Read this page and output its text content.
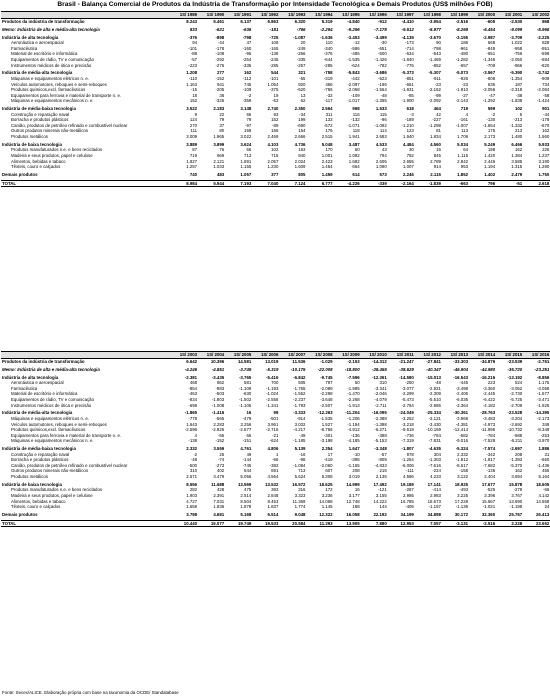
Brasil - Balança Comercial de Produtos da Indústria de Transformação por Intensidade Tecnológica e Demais Produtos (US$ milhões FOB)
	1S/ 1989	1S/ 1990	1S/ 1991	1S/ 1992	1S/ 1993	1S/ 1994	1S/ 1995	1S/ 1996	1S/ 1997	1S/ 1998	1S/ 1999	1S/ 2000	1S/ 2001	1S/ 2002
Produtos da indústria de transformação	8.243	5.461	6.137	6.863	6.320	5.319	-4.840	-912	-4.410	-3.954	-2.516	-605	-2.530	868

Memo: Indústria de alta e média-alta tecnologia	833	-621	-636	-181	-766	-2.294	-9.296	-7.178	-9.512	-8.977	-8.268	-6.454	-9.099	-5.966

Indústria de alta tecnologia	-376	-898	-798	-725	-1.087	-1.636	-3.453	-3.499	-4.139	-3.670	-3.195	-2.987	-3.709	-2.225
Aeronáutica e aeroespacial	94	-44	47	108	20	110	-12	-30	-173	90	186	668	1.022	828
Farmacêutica	-101	-178	-160	-165	-249	-340	-596	-651	-714	-798	-961	-849	-958	-951
Material de escritório e informática	-88	-108	-95	-138	-266	-376	-485	-500	-634	-543	-480	-651	-756	-598
Equipamentos de rádio, TV e comunicação	-57	-292	-254	-245	-335	-644	-1.535	-1.426	-1.840	-1.469	-1.282	-1.346	-2.050	-684
Instrumentos médicos de ótica e precisão	-223	-276	-335	-285	-257	-285	-624	-782	-776	-852	-657	-709	-966	-820

Indústria de média-alta tecnologia	1.208	277	162	544	321	-758	-5.843	-3.686	-5.373	-5.307	-5.073	-3.567	-5.390	-3.742
Máquinas e equipamentos elétricos n. e.	-110	-152	-112	-101	-55	-319	-442	-523	-851	-911	-926	-808	-1.354	-909
Veículos automotores, reboques e semi-reboques	1.163	941	745	1.054	920	466	-2.097	-196	-661	-23	-23	636	187	734
Produtos químicos,excl. farmacêuticos	-15	-205	-109	-375	-620	-756	-2.068	-1.564	-1.931	-2.162	-1.910	-2.056	-2.318	-2.084
Equipamentos para ferrovia e material de transporte n. e.	18	36	-2	19	13	-32	-109	-48	-85	-99	-27	-47	-38	-58
Máquinas e equipamentos mecânicos n. e.	152	-326	-359	-53	62	-117	-1.017	-1.355	-1.900	-2.092	-2.143	-1.292	-1.838	-1.424

Indústria de média-baixa tecnologia	3.522	2.183	3.148	2.740	2.350	2.564	968	1.533	618	464	719	599	102	901
Construção e reparação naval	9	22	65	93	-34	311	116	115	-3	42	4	-2	5	-44
Borracha e produtos plásticos	124	79	79	152	199	133	-132	-96	-189	-227	-161	-130	-213	-178
Canião, produtos de petróleo refinado e combustível nuclear	270	37	-97	-89	-690	-572	-1.071	-1.092	-1.210	-1.298	-1.007	-1.654	-1.332	-670
Outros produtos minerais não-metálicos	111	80	158	156	154	176	118	114	123	81	113	175	213	162
Produtos metálicos	3.009	1.965	3.022	2.469	2.666	2.515	1.941	2.683	1.940	1.834	1.709	2.173	1.480	1.560

Indústria de baixa tecnologia	3.889	3.899	3.624	4.103	4.736	5.048	3.487	4.533	4.484	4.560	5.034	5.249	6.466	5.933
Produtos manufaturados n.e. e bens reciclados	87	76	66	102	163	170	60	43	30	15	64	198	162	226
Madeira e seus produtos, papel e celulose	719	669	713	715	940	1.001	1.082	794	792	845	1.115	1.420	1.384	1.237
Alimentos, bebidas e tabaco	1.827	2.121	1.691	2.057	2.024	2.423	1.682	2.605	2.655	2.789	2.842	2.446	3.585	3.190
Têxteis, couro e calçados	1.257	1.033	1.155	1.230	1.609	1.454	664	1.090	1.007	914	953	1.194	1.315	1.280

Demais produtos	740	483	1.057	377	805	1.459	614	573	2.246	2.115	1.852	1.402	2.479	1.750

TOTAL	8.984	5.944	7.193	7.040	7.124	6.777	-4.226	-339	-2.164	-1.839	-663	796	-51	2.618
	1S/ 2003	1S/ 2004	1S/ 2005	1S/ 2006	1S/ 2007	1S/ 2008	1S/ 2009	1S/ 2010	1S/ 2011	1S/ 2012	1S/ 2013	1S/ 2014	1S/ 2015	1S/ 2016
Produtos da indústria de transformação	6.642	10.396	14.581	13.019	11.536	-1.029	-2.153	-14.312	-21.247	-27.841	-33.303	-34.876	-23.539	-2.761

Memo: Indústria de alta e média-alta tecnologia	-4.246	-4.851	-3.749	-5.319	-10.175	-22.008	-18.800	-28.456	-38.629	-40.347	-46.904	-44.980	-36.720	-23.251

Indústria de alta tecnologia	-2.381	-3.435	-3.765	-5.416	-6.842	-9.745	-7.596	-12.361	-14.580	-15.013	-16.543	-16.216	-13.192	-8.856
Aeronáutica e aeroespacial	468	862	581	700	505	797	50	310	-250	-48	-445	223	524	1.175
Farmacêutica	-854	-983	-1.108	-1.193	-1.765	-2.089	-1.995	-3.341	-3.077	-2.921	-3.498	-3.360	-3.052	-3.058
Material de escritório e informática	-463	-503	-630	-1.024	-1.552	-2.298	-1.470	-2.046	-2.299	-2.309	-2.406	-2.445	-2.730	-1.577
Equipamentos de rádio, TV e comunicação	-834	-1.803	-1.502	-2.558	-2.237	-3.648	-2.268	-4.079	-5.473	-5.510	-6.035	-6.422	-5.725	-3.471
Instrumentos médicos de ótica e precisão	-698	-1.008	-1.105	-1.341	-1.793	-2.507	-1.913	-2.711	-2.784	-2.986	-3.364	-4.182	-2.709	-1.925

Indústria de média-alta tecnologia	-1.865	-1.416	16	98	-3.333	-12.263	-11.204	-16.095	-24.049	-25.334	-30.361	-28.763	-23.528	-14.395
Máquinas e equipamentos elétricos n. e.	-778	-565	-479	-501	-914	-1.535	-1.206	-2.388	-3.252	-3.121	-3.968	-3.483	-3.204	-2.173
Veículos automotores, reboques e semi-reboques	1.643	2.283	3.256	3.961	3.032	1.527	-1.194	-1.398	-3.218	-3.430	-4.381	-4.973	-2.692	349
Produtos químicos,excl. farmacêuticos	-2.596	-2.926	-2.677	-2.716	-4.217	-8.766	-4.912	-6.271	-9.619	-10.169	-12.414	-11.995	-10.732	-8.349
Equipamentos para ferrovia e material de transporte n. e.	4	-55	66	-21	-49	-301	-136	-388	-736	-784	-582	-784	-688	-253
Máquinas e equipamentos mecânicos n. e.	-138	-152	-151	-624	-1.185	-3.198	-4.185	-5.153	-7.319	-7.831	-9.016	-7.528	-6.211	-3.970

Indústria de média-baixa tecnologia	2.332	3.559	4.761	4.806	5.139	2.354	1.647	-3.348	-1.807	-4.635	-5.324	-7.574	-2.697	1.886
Construção e reparação naval	-2	25	49	1	-16	17	-10	-57	978	304	2.332	-342	208	31
Borracha e produtos plásticos	-48	-74	-144	-66	-98	-419	-395	-809	-1.254	-1.303	-1.812	-1.817	-1.393	-660
Canião, produtos de petróleo refinado e combustível nuclear	-500	-273	-745	-382	-1.084	-2.060	-1.155	-4.833	-6.006	-7.616	-8.617	-7.682	-5.370	-1.436
Outros produtos minerais não-metálicos	310	402	544	691	713	607	208	216	-111	-224	-158	-136	162	455
Produtos metálicos	2.571	3.479	5.056	4.564	5.624	5.308	3.019	2.135	4.586	4.233	3.122	2.404	3.694	5.164

Indústria de baixa tecnologia	8.556	11.688	13.569	13.532	16.572	18.625	14.999	17.492	19.189	17.141	18.925	17.677	15.878	18.605
Produtos manufaturados n.e. e bens reciclados	282	428	475	393	316	172	16	-121	-287	-414	-493	-525	-279	-66
Madeira e seus produtos, papel e celulose	1.903	2.391	2.514	2.848	3.323	3.236	3.177	3.155	2.995	2.983	3.225	3.396	3.767	4.142
Alimentos, bebidas e tabaco	4.727	7.031	8.504	8.453	11.369	14.068	12.748	14.222	16.785	15.673	17.228	15.667	13.690	14.559
Têxteis, couro e calçados	1.658	1.836	1.878	1.837	1.774	1.145	188	144	-405	-1.157	-1.136	-1.021	-1.198	24

Demais produtos	3.798	4.681	5.168	6.514	9.048	12.322	16.058	22.192	34.199	34.898	30.172	32.360	25.767	26.413

TOTAL	10.440	15.077	19.749	19.533	20.584	11.293	13.905	7.880	12.953	7.057	-3.131	-2.516	2.228	23.652
Fonte: Secex/ALICE. Elaboração própria com base na taxonomia da OCDE/ Standatabase
